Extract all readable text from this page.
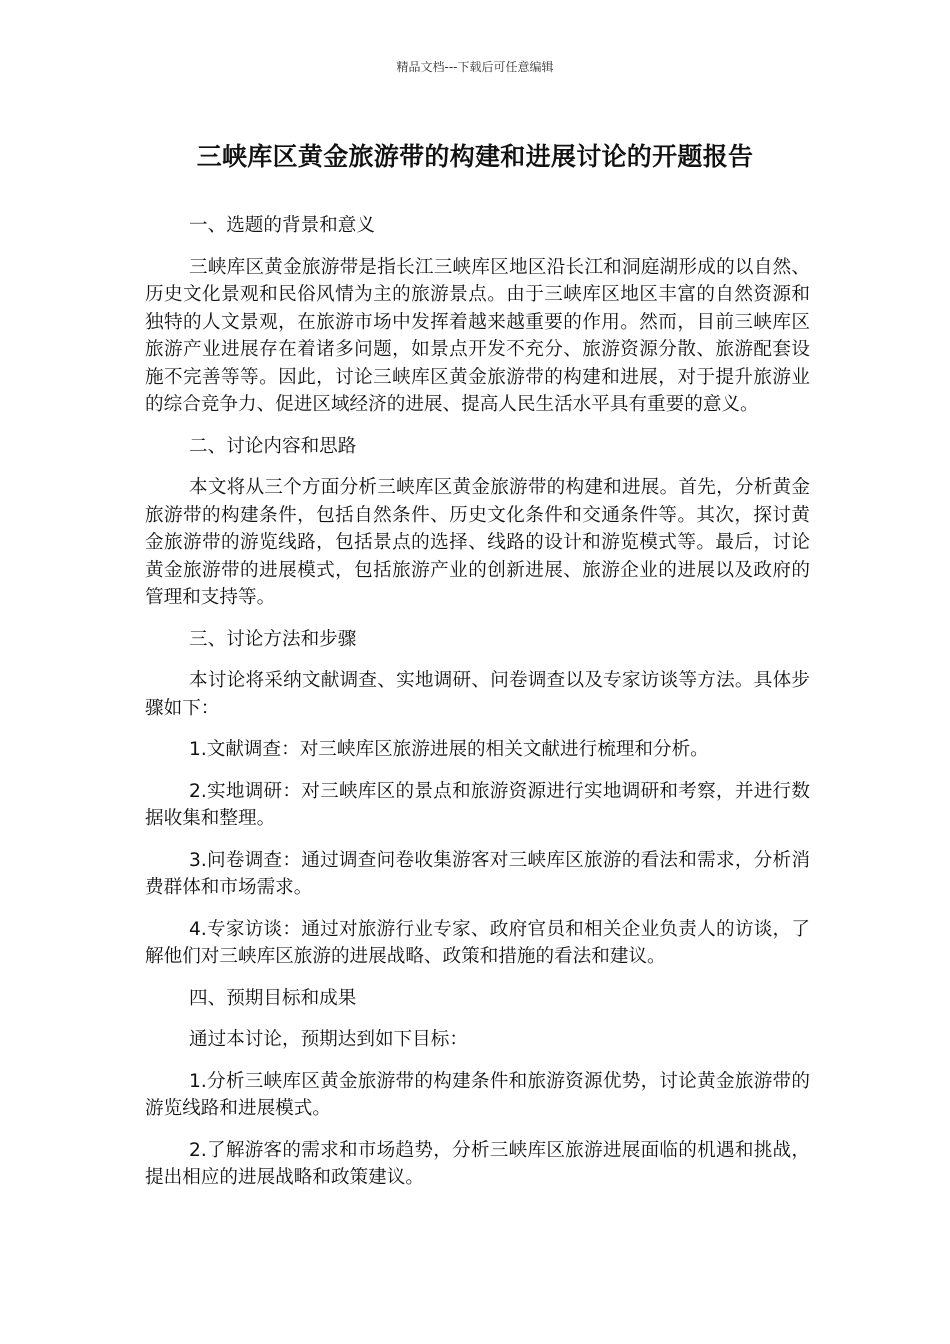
精品文档---下载后可任意编辑
三峡库区黄金旅游带的构建和进展讨论的开题报告
一、选题的背景和意义

三峡库区黄金旅游带是指长江三峡库区地区沿长江和洞庭湖形成的以自然、历史文化景观和民俗风情为主的旅游景点。由于三峡库区地区丰富的自然资源和独特的人文景观，在旅游市场中发挥着越来越重要的作用。然而，目前三峡库区旅游产业进展存在着诸多问题，如景点开发不充分、旅游资源分散、旅游配套设施不完善等等。因此，讨论三峡库区黄金旅游带的构建和进展，对于提升旅游业的综合竞争力、促进区域经济的进展、提高人民生活水平具有重要的意义。

二、讨论内容和思路

本文将从三个方面分析三峡库区黄金旅游带的构建和进展。首先，分析黄金旅游带的构建条件，包括自然条件、历史文化条件和交通条件等。其次，探讨黄金旅游带的游览线路，包括景点的选择、线路的设计和游览模式等。最后，讨论黄金旅游带的进展模式，包括旅游产业的创新进展、旅游企业的进展以及政府的管理和支持等。

三、讨论方法和步骤

本讨论将采纳文献调查、实地调研、问卷调查以及专家访谈等方法。具体步骤如下：

1.文献调查：对三峡库区旅游进展的相关文献进行梳理和分析。

2.实地调研：对三峡库区的景点和旅游资源进行实地调研和考察，并进行数据收集和整理。

3.问卷调查：通过调查问卷收集游客对三峡库区旅游的看法和需求，分析消费群体和市场需求。

4.专家访谈：通过对旅游行业专家、政府官员和相关企业负责人的访谈，了解他们对三峡库区旅游的进展战略、政策和措施的看法和建议。

四、预期目标和成果

通过本讨论，预期达到如下目标：

1.分析三峡库区黄金旅游带的构建条件和旅游资源优势，讨论黄金旅游带的游览线路和进展模式。

2.了解游客的需求和市场趋势，分析三峡库区旅游进展面临的机遇和挑战，提出相应的进展战略和政策建议。
